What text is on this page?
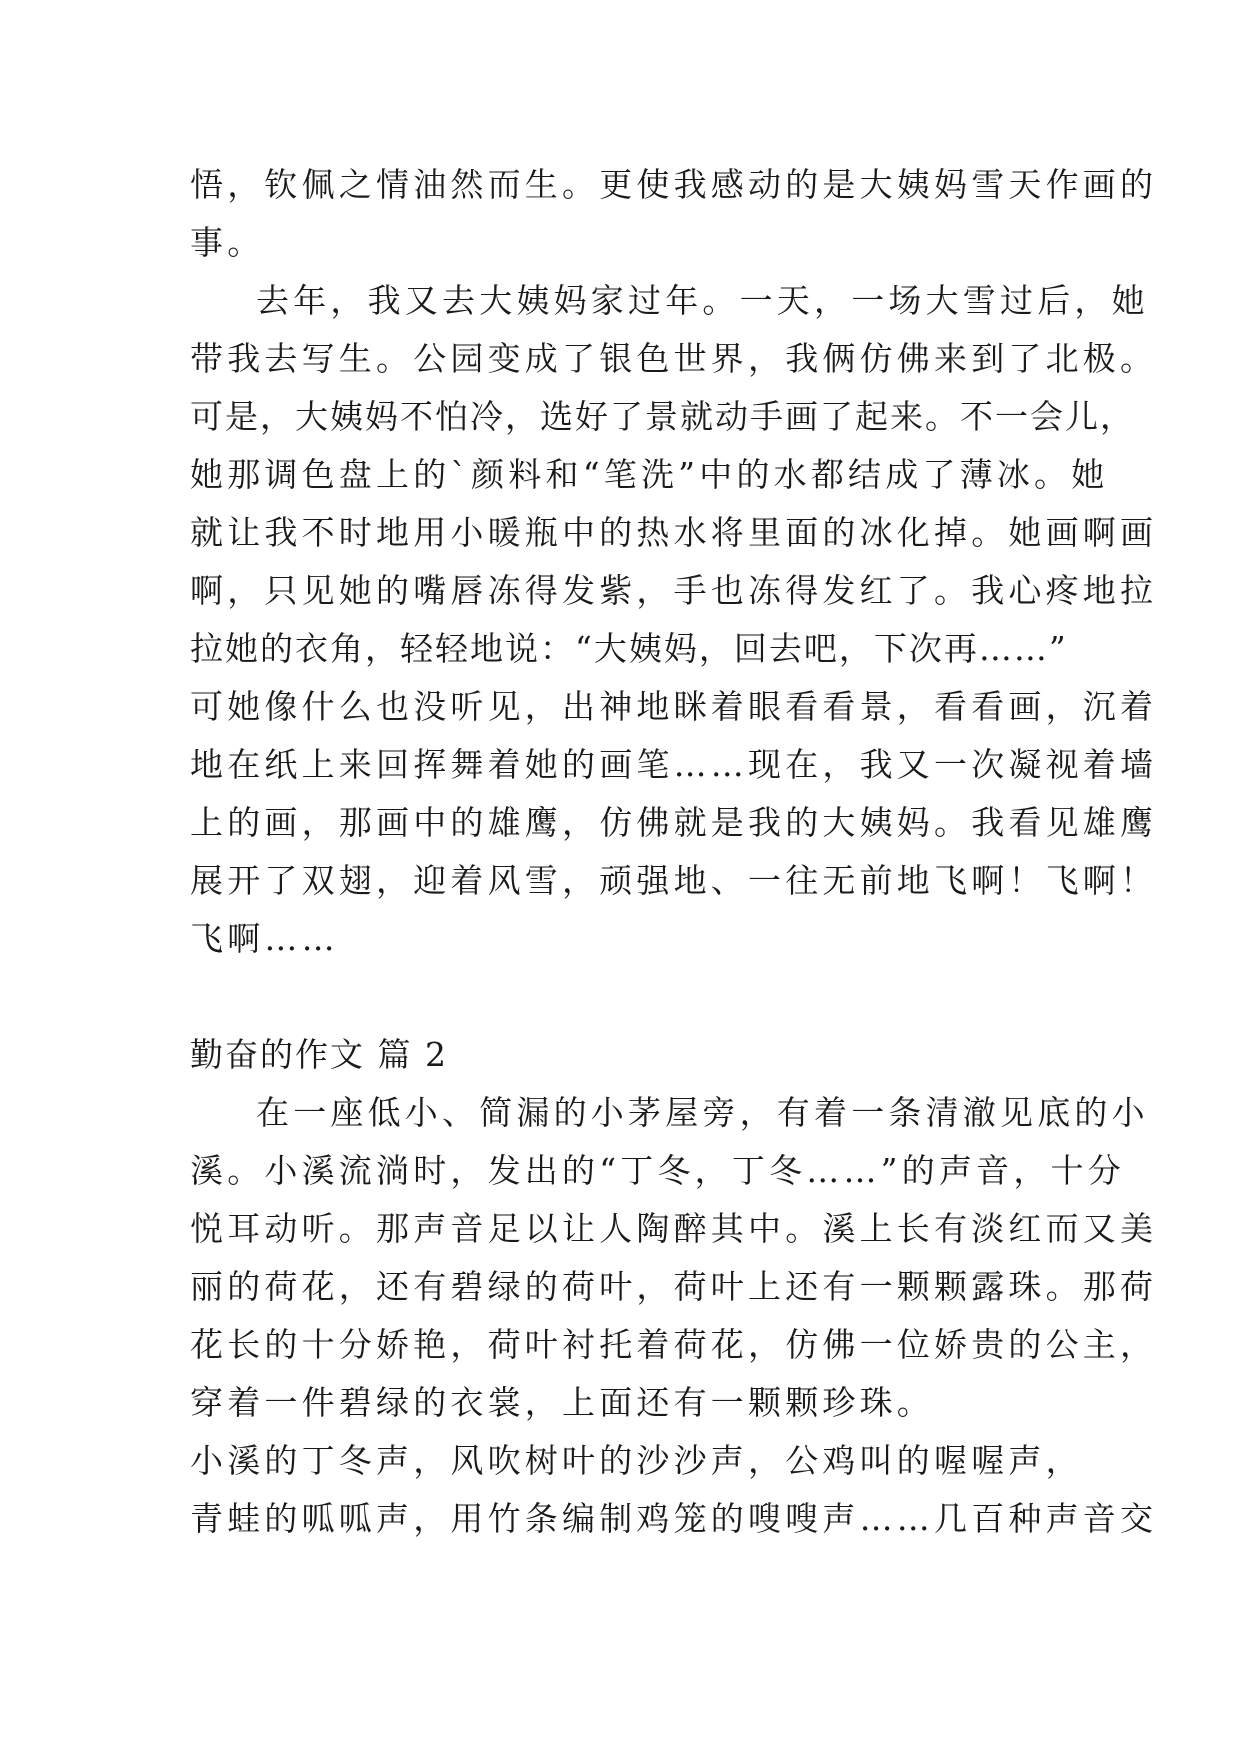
悟，钦佩之情油然而生。更使我感动的是大姨妈雪天作画的
事。
去年，我又去大姨妈家过年。一天，一场大雪过后，她
带我去写生。公园变成了银色世界，我俩仿佛来到了北极。
可是，大姨妈不怕冷，选好了景就动手画了起来。不一会儿，
她那调色盘上的`颜料和“笔洗”中的水都结成了薄冰。她
就让我不时地用小暖瓶中的热水将里面的冰化掉。她画啊画
啊，只见她的嘴唇冻得发紫，手也冻得发红了。我心疼地拉
拉她的衣角，轻轻地说：“大姨妈，回去吧，下次再……”
可她像什么也没听见，出神地眯着眼看看景，看看画，沉着
地在纸上来回挥舞着她的画笔……现在，我又一次凝视着墙
上的画，那画中的雄鹰，仿佛就是我的大姨妈。我看见雄鹰
展开了双翅，迎着风雪，顽强地、一往无前地飞啊！飞啊！
飞啊……
勤奋的作文 篇 2
在一座低小、简漏的小茅屋旁，有着一条清澈见底的小
溪。小溪流淌时，发出的“丁冬，丁冬……”的声音，十分
悦耳动听。那声音足以让人陶醉其中。溪上长有淡红而又美
丽的荷花，还有碧绿的荷叶，荷叶上还有一颗颗露珠。那荷
花长的十分娇艳，荷叶衬托着荷花，仿佛一位娇贵的公主，
穿着一件碧绿的衣裳，上面还有一颗颗珍珠。
小溪的丁冬声，风吹树叶的沙沙声，公鸡叫的喔喔声，
青蛙的呱呱声，用竹条编制鸡笼的嗖嗖声……几百种声音交
